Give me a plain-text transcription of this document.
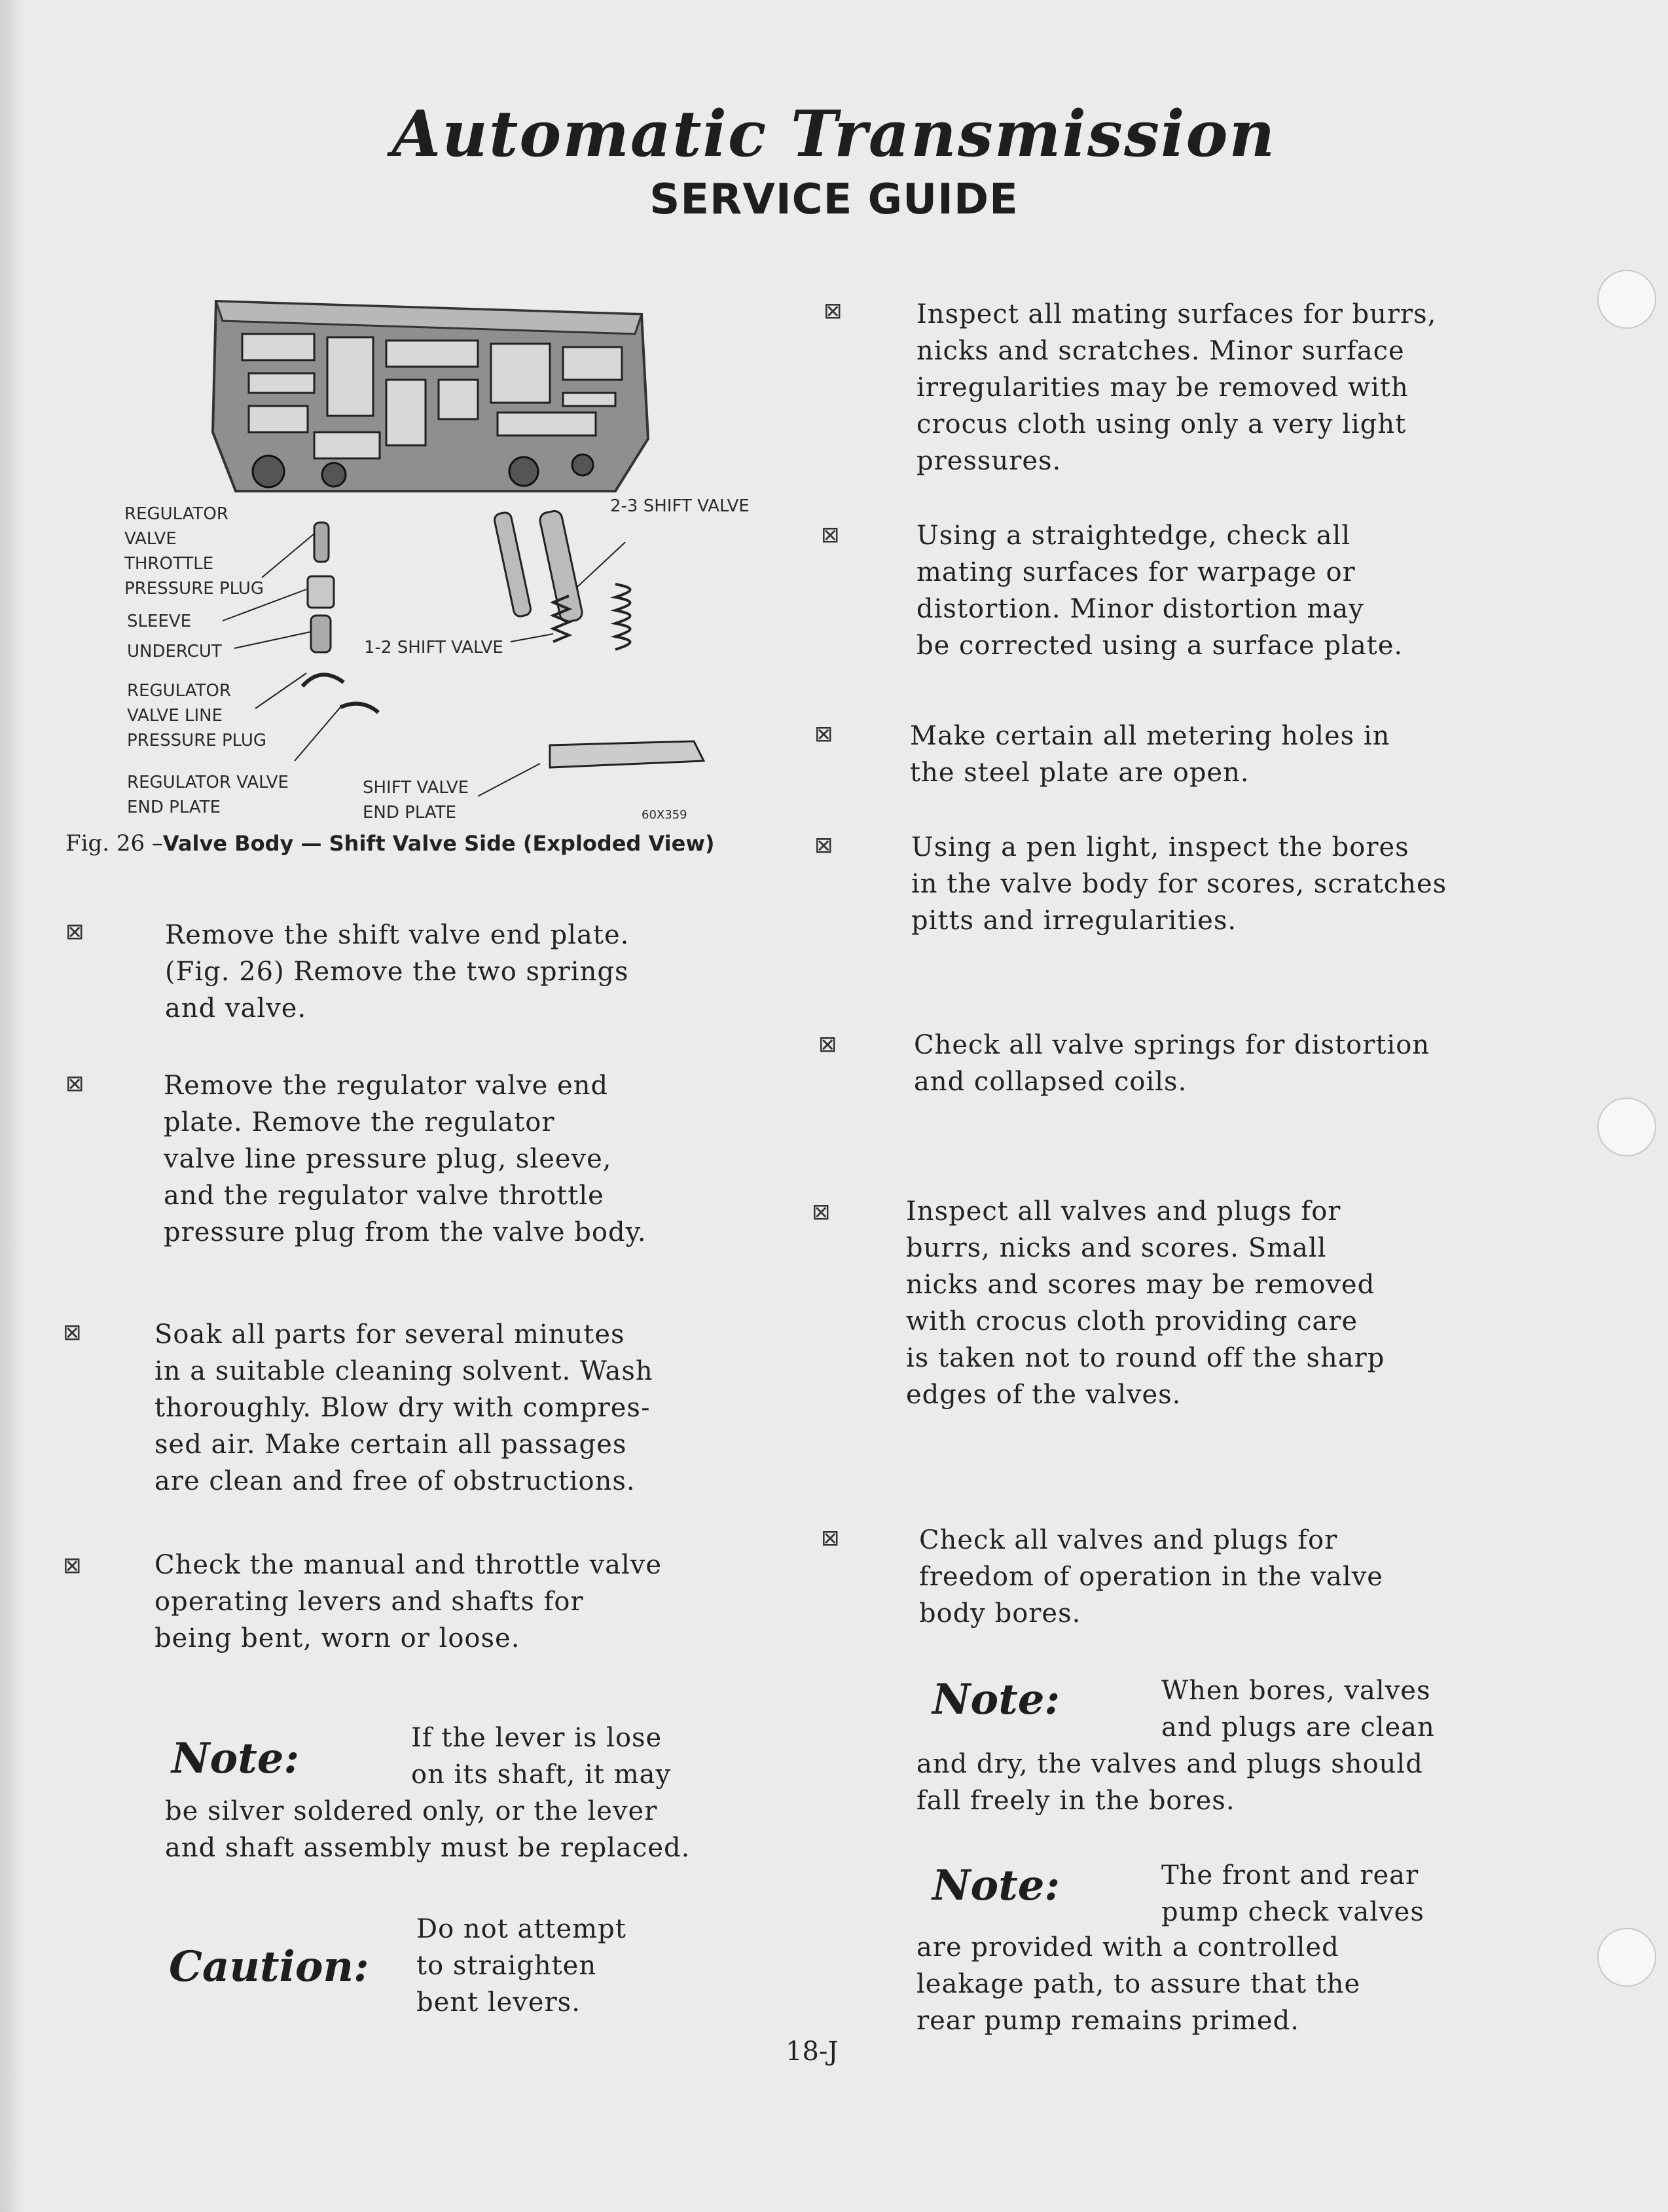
Automatic Transmission
SERVICE GUIDE
REGULATOR
VALVE
THROTTLE
PRESSURE PLUG
SLEEVE
UNDERCUT
REGULATOR
VALVE LINE
PRESSURE PLUG
REGULATOR VALVE
END PLATE
SHIFT VALVE
END PLATE
1-2 SHIFT VALVE
2-3 SHIFT VALVE
60X359
Fig. 26 –Valve Body — Shift Valve Side (Exploded View)
⊠	Remove the shift valve end plate.
(Fig. 26) Remove the two springs
and valve.
⊠	Remove the regulator valve end
plate. Remove the regulator
valve line pressure plug, sleeve,
and the regulator valve throttle
pressure plug from the valve body.
⊠	Soak all parts for several minutes
in a suitable cleaning solvent. Wash
thoroughly. Blow dry with compres-
sed air. Make certain all passages
are clean and free of obstructions.
⊠	Check the manual and throttle valve
operating levers and shafts for
being bent, worn or loose.
Note:	If the lever is lose
on its shaft, it may
be silver soldered only, or the lever
and shaft assembly must be replaced.
Caution:
Do not attempt
to straighten
bent levers.
⊠	Inspect all mating surfaces for burrs,
nicks and scratches. Minor surface
irregularities may be removed with
crocus cloth using only a very light
pressures.
⊠	Using a straightedge, check all
mating surfaces for warpage or
distortion. Minor distortion may
be corrected using a surface plate.
⊠	Make certain all metering holes in
the steel plate are open.
⊠	Using a pen light, inspect the bores
in the valve body for scores, scratches
pitts and irregularities.
⊠	Check all valve springs for distortion
and collapsed coils.
⊠	Inspect all valves and plugs for
burrs, nicks and scores. Small
nicks and scores may be removed
with crocus cloth providing care
is taken not to round off the sharp
edges of the valves.
⊠	Check all valves and plugs for
freedom of operation in the valve
body bores.
Note:	When bores, valves
and plugs are clean
and dry, the valves and plugs should
fall freely in the bores.
Note:	The front and rear
pump check valves
are provided with a controlled
leakage path, to assure that the
rear pump remains primed.
18-J
